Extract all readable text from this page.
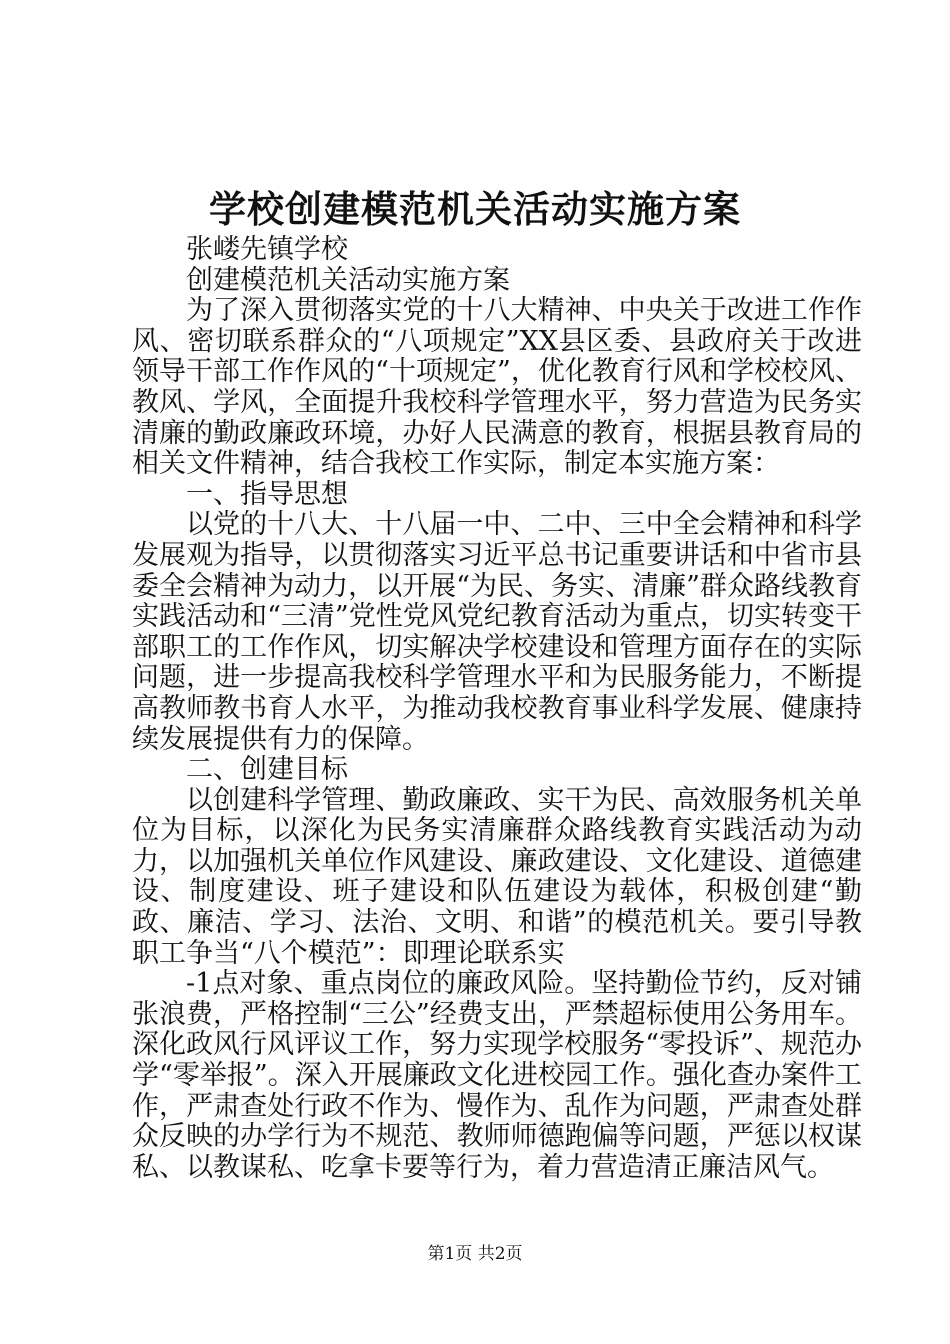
学校创建模范机关活动实施方案

张嵝先镇学校

创建模范机关活动实施方案

为了深入贯彻落实党的十八大精神、中央关于改进工作作风、密切联系群众的“八项规定”XX县区委、县政府关于改进领导干部工作作风的“十项规定”，优化教育行风和学校校风、教风、学风，全面提升我校科学管理水平，努力营造为民务实清廉的勤政廉政环境，办好人民满意的教育，根据县教育局的相关文件精神，结合我校工作实际，制定本实施方案：

一、指导思想

以党的十八大、十八届一中、二中、三中全会精神和科学发展观为指导，以贯彻落实习近平总书记重要讲话和中省市县委全会精神为动力，以开展“为民、务实、清廉”群众路线教育实践活动和“三清”党性党风党纪教育活动为重点，切实转变干部职工的工作作风，切实解决学校建设和管理方面存在的实际问题，进一步提高我校科学管理水平和为民服务能力，不断提高教师教书育人水平，为推动我校教育事业科学发展、健康持续发展提供有力的保障。

二、创建目标

以创建科学管理、勤政廉政、实干为民、高效服务机关单位为目标，以深化为民务实清廉群众路线教育实践活动为动力，以加强机关单位作风建设、廉政建设、文化建设、道德建设、制度建设、班子建设和队伍建设为载体，积极创建“勤政、廉洁、学习、法治、文明、和谐”的模范机关。要引导教职工争当“八个模范”：即理论联系实

-1点对象、重点岗位的廉政风险。坚持勤俭节约，反对铺张浪费，严格控制“三公”经费支出，严禁超标使用公务用车。深化政风行风评议工作，努力实现学校服务“零投诉”、规范办学“零举报”。深入开展廉政文化进校园工作。强化查办案件工作，严肃查处行政不作为、慢作为、乱作为问题，严肃查处群众反映的办学行为不规范、教师师德跑偏等问题，严惩以权谋私、以教谋私、吃拿卡要等行为，着力营造清正廉洁风气。

第1页 共2页
